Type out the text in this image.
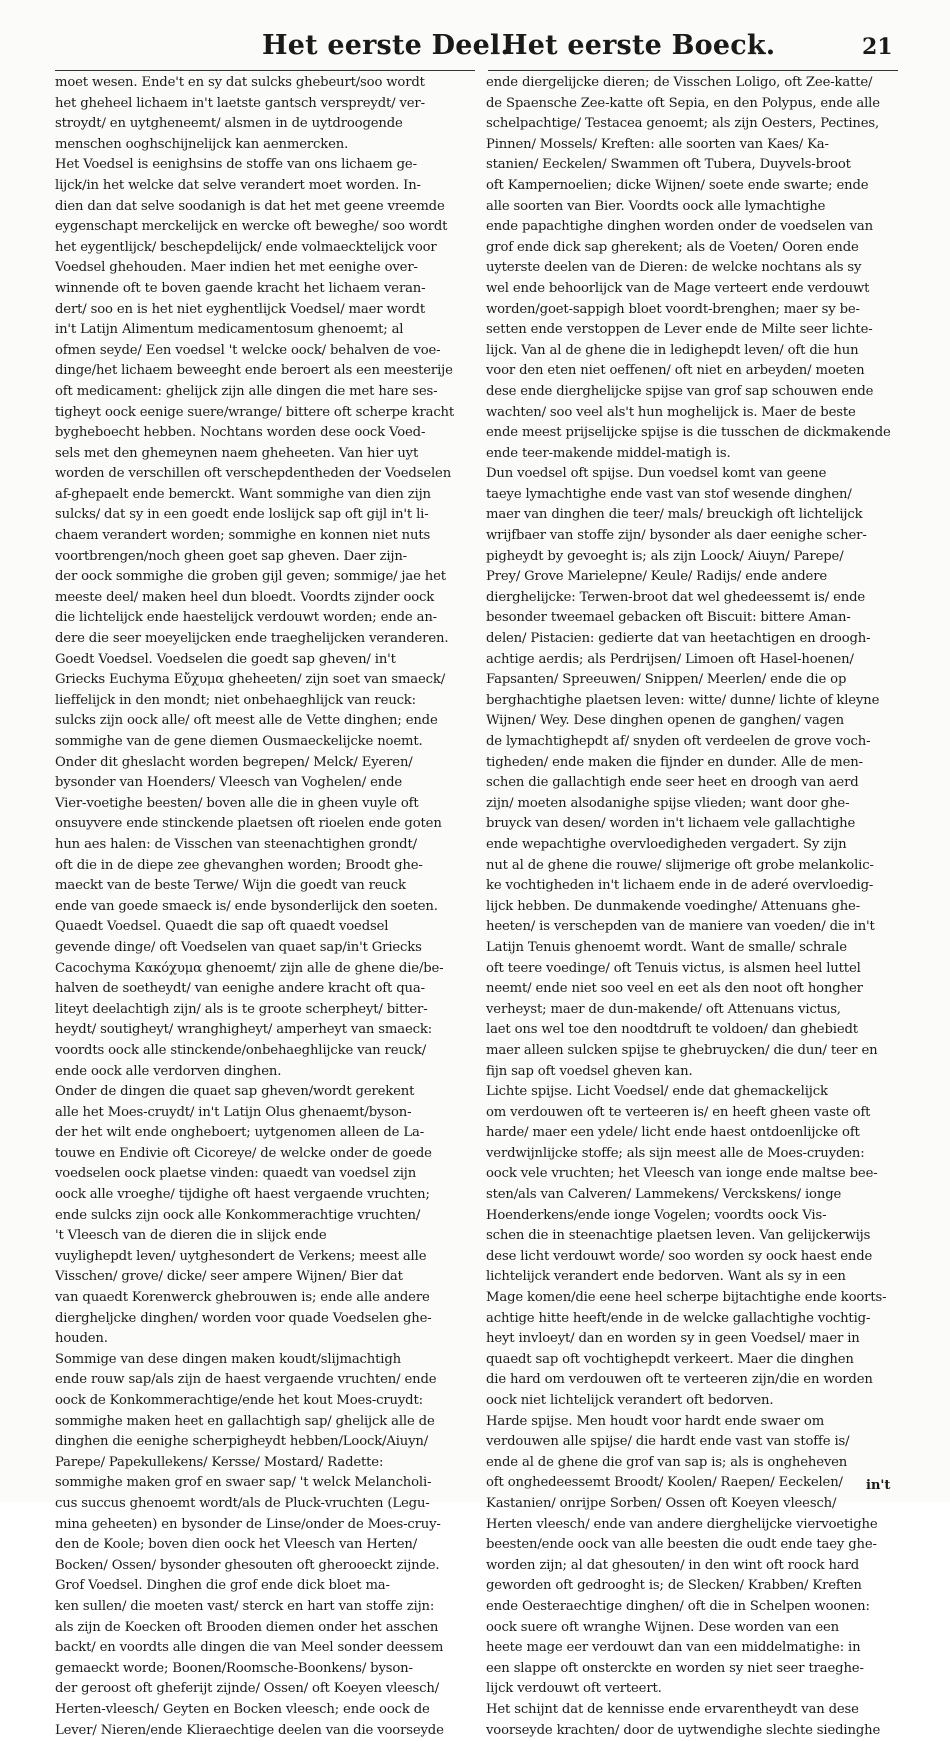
Het eerste Deel.
Het eerste Boeck.	21
moet wesen. Ende't en sy dat sulcks ghebeurt/soo wordt
het gheheel lichaem in't laetste gantsch verspreydt/ ver-
stroydt/ en uytgheneemt/ alsmen in de uytdroogende
menschen ooghschijnelijck kan aenmercken.
Het Voedsel is eenighsins de stoffe van ons lichaem ge-
lijck/in het welcke dat selve verandert moet worden. In-
dien dan dat selve soodanigh is dat het met geene vreemde
eygenschapt merckelijck en wercke oft beweghe/ soo wordt
het eygentlijck/ beschepdelijck/ ende volmaecktelijck voor
Voedsel ghehouden. Maer indien het met eenighe over-
winnende oft te boven gaende kracht het lichaem veran-
dert/ soo en is het niet eyghentlijck Voedsel/ maer wordt
in't Latijn Alimentum medicamentosum ghenoemt; al
ofmen seyde/ Een voedsel 't welcke oock/ behalven de voe-
dinge/het lichaem beweeght ende beroert als een meesterije
oft medicament: ghelijck zijn alle dingen die met hare ses-
tigheyt oock eenige suere/wrange/ bittere oft scherpe kracht
bygheboecht hebben. Nochtans worden dese oock Voed-
sels met den ghemeynen naem gheheeten. Van hier uyt
worden de verschillen oft verschepdentheden der Voedselen
af-ghepaelt ende bemerckt. Want sommighe van dien zijn
sulcks/ dat sy in een goedt ende loslijck sap oft gijl in't li-
chaem verandert worden; sommighe en konnen niet nuts
voortbrengen/noch gheen goet sap gheven. Daer zijn-
der oock sommighe die groben gijl geven; sommige/ jae het
meeste deel/ maken heel dun bloedt. Voordts zijnder oock
die lichtelijck ende haestelijck verdouwt worden; ende an-
dere die seer moeyelijcken ende traeghelijcken veranderen.
Goedt Voedsel. Voedselen die goedt sap gheven/ in't
Griecks Euchyma Εὔχυμα gheheeten/ zijn soet van smaeck/
lieffelijck in den mondt; niet onbehaeghlijck van reuck:
sulcks zijn oock alle/ oft meest alle de Vette dinghen; ende
sommighe van de gene diemen Ousmaeckelijcke noemt.
Onder dit gheslacht worden begrepen/ Melck/ Eyeren/
bysonder van Hoenders/ Vleesch van Voghelen/ ende
Vier-voetighe beesten/ boven alle die in gheen vuyle oft
onsuyvere ende stinckende plaetsen oft rioelen ende goten
hun aes halen: de Visschen van steenachtighen grondt/
oft die in de diepe zee ghevanghen worden; Broodt ghe-
maeckt van de beste Terwe/ Wijn die goedt van reuck
ende van goede smaeck is/ ende bysonderlijck den soeten.
Quaedt Voedsel. Quaedt die sap oft quaedt voedsel
gevende dinge/ oft Voedselen van quaet sap/in't Griecks
Cacochyma Κακόχυμα ghenoemt/ zijn alle de ghene die/be-
halven de soetheydt/ van eenighe andere kracht oft qua-
liteyt deelachtigh zijn/ als is te groote scherpheyt/ bitter-
heydt/ soutigheyt/ wranghigheyt/ amperheyt van smaeck:
voordts oock alle stinckende/onbehaeghlijcke van reuck/
ende oock alle verdorven dinghen.
Onder de dingen die quaet sap gheven/wordt gerekent
alle het Moes-cruydt/ in't Latijn Olus ghenaemt/byson-
der het wilt ende ongheboert; uytgenomen alleen de La-
touwe en Endivie oft Cicoreye/ de welcke onder de goede
voedselen oock plaetse vinden: quaedt van voedsel zijn
oock alle vroeghe/ tijdighe oft haest vergaende vruchten;
ende sulcks zijn oock alle Konkommerachtige vruchten/
't Vleesch van de dieren die in slijck ende
vuylighepdt leven/ uytghesondert de Verkens; meest alle
Visschen/ grove/ dicke/ seer ampere Wijnen/ Bier dat
van quaedt Korenwerck ghebrouwen is; ende alle andere
diergheljcke dinghen/ worden voor quade Voedselen ghe-
houden.
Sommige van dese dingen maken koudt/slijmachtigh
ende rouw sap/als zijn de haest vergaende vruchten/ ende
oock de Konkommerachtige/ende het kout Moes-cruydt:
sommighe maken heet en gallachtigh sap/ ghelijck alle de
dinghen die eenighe scherpigheydt hebben/Loock/Aiuyn/
Parepe/ Papekullekens/ Kersse/ Mostard/ Radette:
sommighe maken grof en swaer sap/ 't welck Melancholi-
cus succus ghenoemt wordt/als de Pluck-vruchten (Legu-
mina geheeten) en bysonder de Linse/onder de Moes-cruy-
den de Koole; boven dien oock het Vleesch van Herten/
Bocken/ Ossen/ bysonder ghesouten oft gherooeckt zijnde.
Grof Voedsel. Dinghen die grof ende dick bloet ma-
ken sullen/ die moeten vast/ sterck en hart van stoffe zijn:
als zijn de Koecken oft Brooden diemen onder het asschen
backt/ en voordts alle dingen die van Meel sonder deessem
gemaeckt worde; Boonen/Roomsche-Boonkens/ byson-
der geroost oft gheferijt zijnde/ Ossen/ oft Koeyen vleesch/
Herten-vleesch/ Geyten en Bocken vleesch; ende oock de
Lever/ Nieren/ende Klieraechtige deelen van die voorseyde
ende diergelijcke dieren; de Visschen Loligo, oft Zee-katte/
de Spaensche Zee-katte oft Sepia, en den Polypus, ende alle
schelpachtige/ Testacea genoemt; als zijn Oesters, Pectines,
Pinnen/ Mossels/ Kreften: alle soorten van Kaes/ Ka-
stanien/ Eeckelen/ Swammen oft Tubera, Duyvels-broot
oft Kampernoelien; dicke Wijnen/ soete ende swarte; ende
alle soorten van Bier. Voordts oock alle lymachtighe
ende papachtighe dinghen worden onder de voedselen van
grof ende dick sap gherekent; als de Voeten/ Ooren ende
uyterste deelen van de Dieren: de welcke nochtans als sy
wel ende behoorlijck van de Mage verteert ende verdouwt
worden/goet-sappigh bloet voordt-brenghen; maer sy be-
setten ende verstoppen de Lever ende de Milte seer lichte-
lijck. Van al de ghene die in ledighepdt leven/ oft die hun
voor den eten niet oeffenen/ oft niet en arbeyden/ moeten
dese ende dierghelijcke spijse van grof sap schouwen ende
wachten/ soo veel als't hun moghelijck is. Maer de beste
ende meest prijselijcke spijse is die tusschen de dickmakende
ende teer-makende middel-matigh is.
Dun voedsel oft spijse. Dun voedsel komt van geene
taeye lymachtighe ende vast van stof wesende dinghen/
maer van dinghen die teer/ mals/ breuckigh oft lichtelijck
wrijfbaer van stoffe zijn/ bysonder als daer eenighe scher-
pigheydt by gevoeght is; als zijn Loock/ Aiuyn/ Parepe/
Prey/ Grove Marielepne/ Keule/ Radijs/ ende andere
dierghelijcke: Terwen-broot dat wel ghedeessemt is/ ende
besonder tweemael gebacken oft Biscuit: bittere Aman-
delen/ Pistacien: gedierte dat van heetachtigen en droogh-
achtige aerdis; als Perdrijsen/ Limoen oft Hasel-hoenen/
Fapsanten/ Spreeuwen/ Snippen/ Meerlen/ ende die op
berghachtighe plaetsen leven: witte/ dunne/ lichte of kleyne
Wijnen/ Wey. Dese dinghen openen de ganghen/ vagen
de lymachtighepdt af/ snyden oft verdeelen de grove voch-
tigheden/ ende maken die fijnder en dunder. Alle de men-
schen die gallachtigh ende seer heet en droogh van aerd
zijn/ moeten alsodanighe spijse vlieden; want door ghe-
bruyck van desen/ worden in't lichaem vele gallachtighe
ende wepachtighe overvloedigheden vergadert. Sy zijn
nut al de ghene die rouwe/ slijmerige oft grobe melankolic-
ke vochtigheden in't lichaem ende in de aderé overvloedig-
lijck hebben. De dunmakende voedinghe/ Attenuans ghe-
heeten/ is verschepden van de maniere van voeden/ die in't
Latijn Tenuis ghenoemt wordt. Want de smalle/ schrale
oft teere voedinge/ oft Tenuis victus, is alsmen heel luttel
neemt/ ende niet soo veel en eet als den noot oft hongher
verheyst; maer de dun-makende/ oft Attenuans victus,
laet ons wel toe den noodtdruft te voldoen/ dan ghebiedt
maer alleen sulcken spijse te ghebruycken/ die dun/ teer en
fijn sap oft voedsel gheven kan.
Lichte spijse. Licht Voedsel/ ende dat ghemackelijck
om verdouwen oft te verteeren is/ en heeft gheen vaste oft
harde/ maer een ydele/ licht ende haest ontdoenlijcke oft
verdwijnlijcke stoffe; als sijn meest alle de Moes-cruyden:
oock vele vruchten; het Vleesch van ionge ende maltse bee-
sten/als van Calveren/ Lammekens/ Verckskens/ ionge
Hoenderkens/ende ionge Vogelen; voordts oock Vis-
schen die in steenachtige plaetsen leven. Van gelijckerwijs
dese licht verdouwt worde/ soo worden sy oock haest ende
lichtelijck verandert ende bedorven. Want als sy in een
Mage komen/die eene heel scherpe bijtachtighe ende koorts-
achtige hitte heeft/ende in de welcke gallachtighe vochtig-
heyt invloeyt/ dan en worden sy in geen Voedsel/ maer in
quaedt sap oft vochtighepdt verkeert. Maer die dinghen
die hard om verdouwen oft te verteeren zijn/die en worden
oock niet lichtelijck verandert oft bedorven.
Harde spijse. Men houdt voor hardt ende swaer om
verdouwen alle spijse/ die hardt ende vast van stoffe is/
ende al de ghene die grof van sap is; als is ongheheven
oft onghedeessemt Broodt/ Koolen/ Raepen/ Eeckelen/
Kastanien/ onrijpe Sorben/ Ossen oft Koeyen vleesch/
Herten vleesch/ ende van andere dierghelijcke viervoetighe
beesten/ende oock van alle beesten die oudt ende taey ghe-
worden zijn; al dat ghesouten/ in den wint oft roock hard
geworden oft gedrooght is; de Slecken/ Krabben/ Kreften
ende Oesteraechtige dinghen/ oft die in Schelpen woonen:
oock suere oft wranghe Wijnen. Dese worden van een
heete mage eer verdouwt dan van een middelmatighe: in
een slappe oft onsterckte en worden sy niet seer traeghe-
lijck verdouwt oft verteert.
Het schijnt dat de kennisse ende ervarentheydt van dese
voorseyde krachten/ door de uytwendighe slechte siedinghe
in't
